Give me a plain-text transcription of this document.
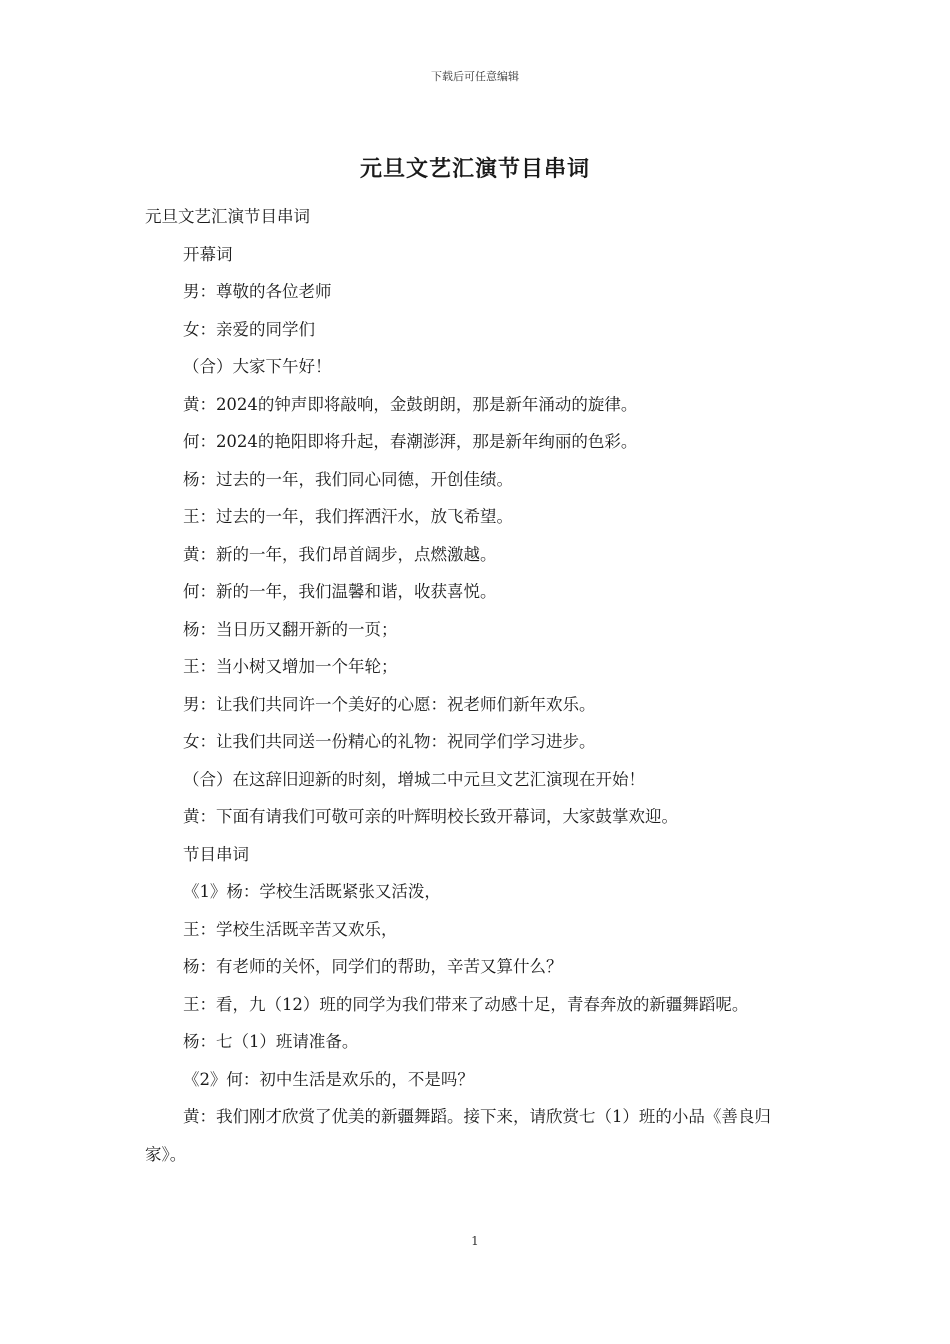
下载后可任意编辑
元旦文艺汇演节目串词

元旦文艺汇演节目串词

开幕词

男：尊敬的各位老师

女：亲爱的同学们

（合）大家下午好！

黄：2024的钟声即将敲响，金鼓朗朗，那是新年涌动的旋律。

何：2024的艳阳即将升起，春潮澎湃，那是新年绚丽的色彩。

杨：过去的一年，我们同心同德，开创佳绩。

王：过去的一年，我们挥洒汗水，放飞希望。

黄：新的一年，我们昂首阔步，点燃激越。

何：新的一年，我们温馨和谐，收获喜悦。

杨：当日历又翻开新的一页；

王：当小树又增加一个年轮；

男：让我们共同许一个美好的心愿：祝老师们新年欢乐。

女：让我们共同送一份精心的礼物：祝同学们学习进步。

（合）在这辞旧迎新的时刻，增城二中元旦文艺汇演现在开始！

黄：下面有请我们可敬可亲的叶辉明校长致开幕词，大家鼓掌欢迎。

节目串词

《1》杨：学校生活既紧张又活泼，

王：学校生活既辛苦又欢乐，

杨：有老师的关怀，同学们的帮助，辛苦又算什么？

王：看，九（12）班的同学为我们带来了动感十足，青春奔放的新疆舞蹈呢。

杨：七（1）班请准备。

《2》何：初中生活是欢乐的，不是吗？

黄：我们刚才欣赏了优美的新疆舞蹈。接下来，请欣赏七（1）班的小品《善良归家》。

1
